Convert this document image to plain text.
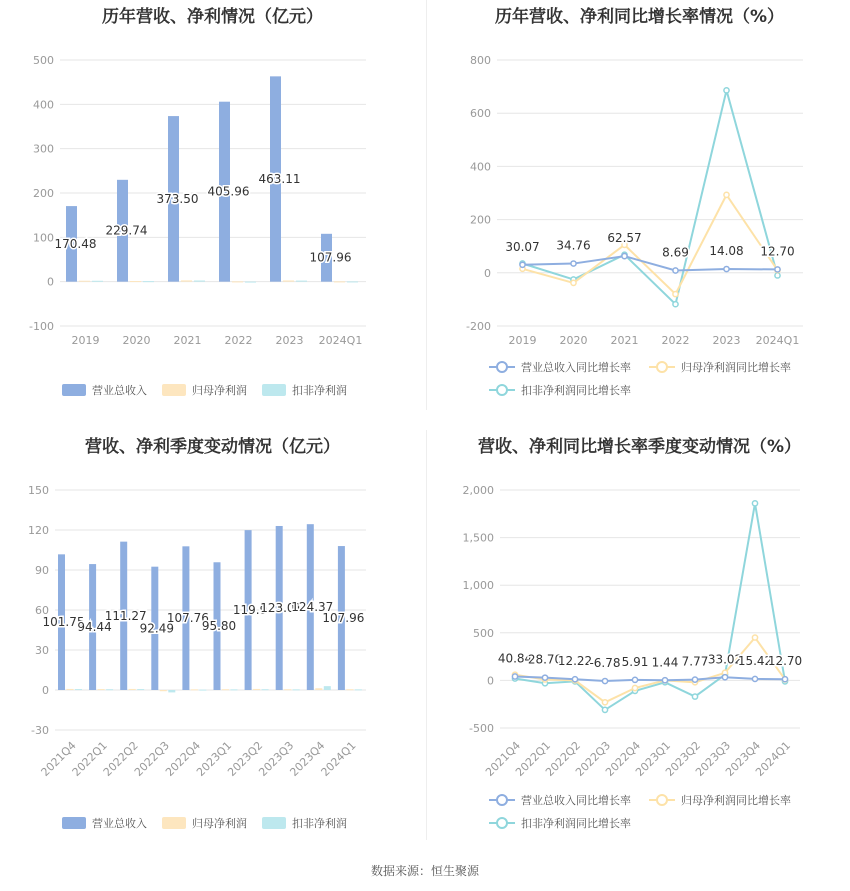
历年营收、净利情况（亿元）
-100
0
100
200
300
400
500
170.48
2019
229.74
2020
373.50
2021
405.96
2022
463.11
2023
107.96
2024Q1
营业总收入	归母净利润	扣非净利润
历年营收、净利同比增长率情况（%）
-200
0
200
400
600
800
30.07 34.76
62.57
8.69 14.08 12.70
2019 2020 2021 2022 2023 2024Q1
营业总收入同比增长率	归母净利润同比增长率
扣非净利润同比增长率
营收、净利季度变动情况（亿元）
-30
0
30
60
90
120
150
101.75
2021Q4
94.44
2022Q1
111.27
2022Q2
92.49
2022Q3
107.76
2022Q4
95.80
2023Q1
119.9
2023Q2
123.01
2023Q3
124.37
2023Q4
107.96
2024Q1
营业总收入	归母净利润	扣非净利润
营收、净利同比增长率季度变动情况（%）
-500
0
500
1,000
1,500
2,000
40.84
28.70
12.22
-6.78 5.91 1.44 7.77 33.02
15.42
12.70
2021Q4
2022Q1
2022Q2
2022Q3
2022Q4
2023Q1
2023Q2
2023Q3
2023Q4
2024Q1
营业总收入同比增长率	归母净利润同比增长率
扣非净利润同比增长率
数据来源：恒生聚源
